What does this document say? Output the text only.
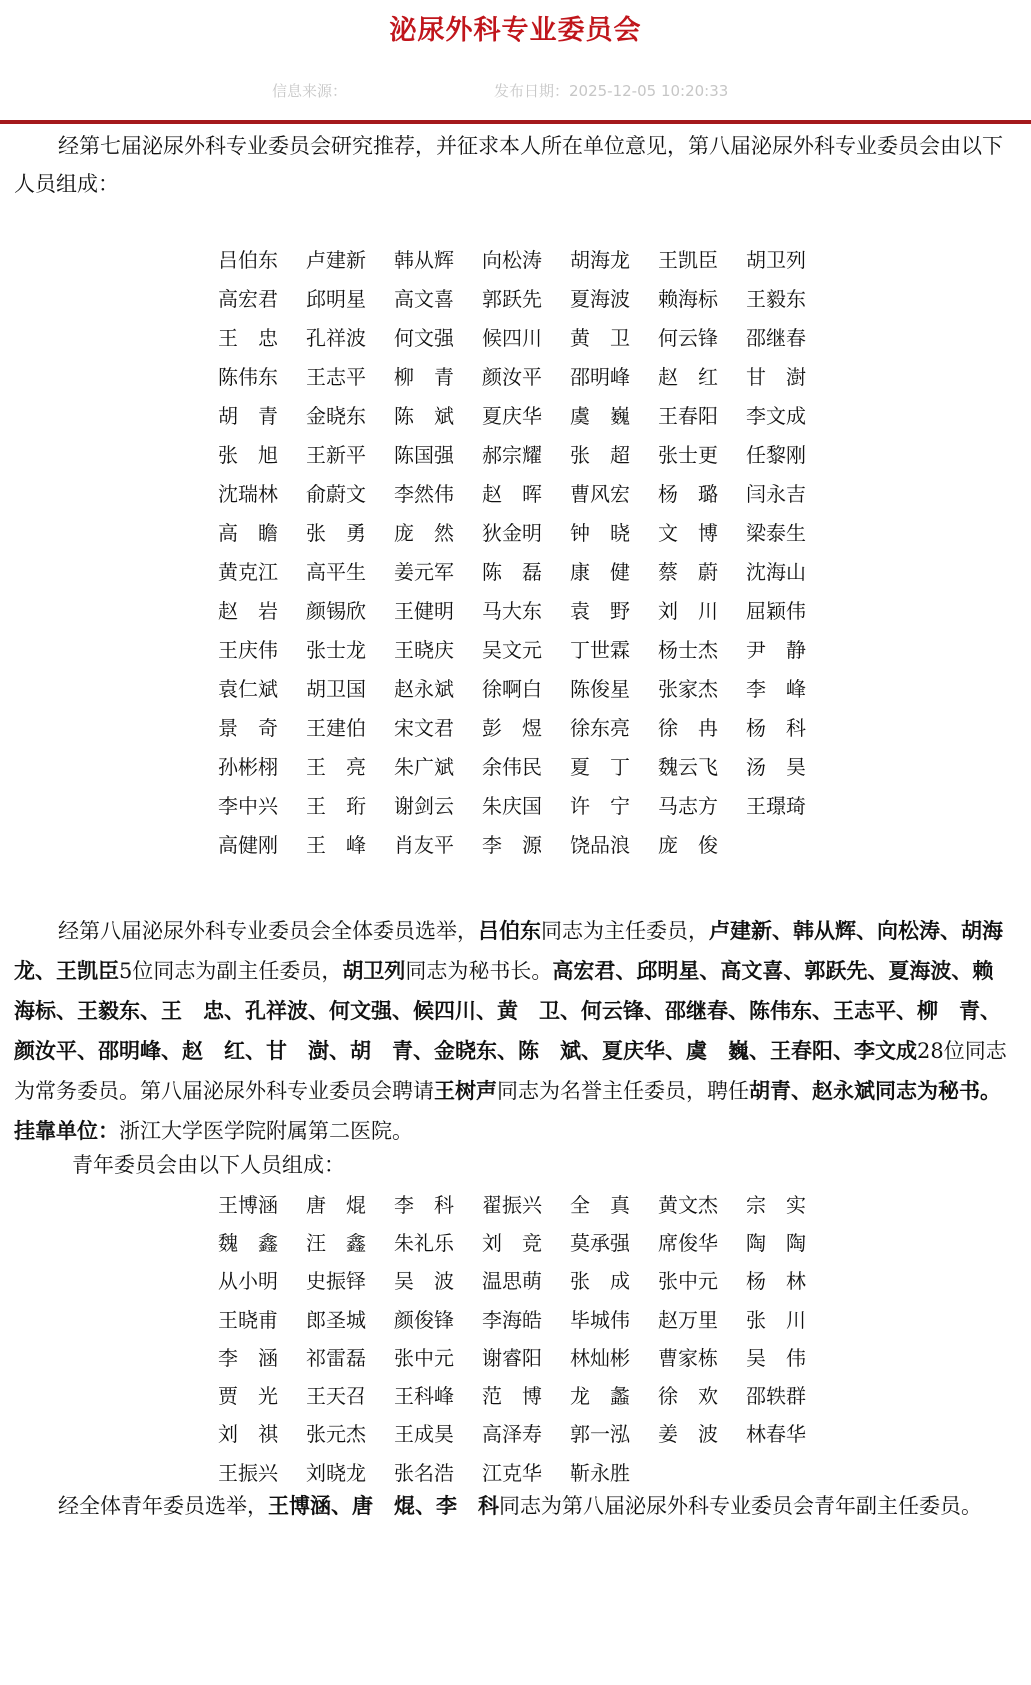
泌尿外科专业委员会
信息来源：	发布日期：2025-12-05 10:20:33

经第七届泌尿外科专业委员会研究推荐，并征求本人所在单位意见，第八届泌尿外科专业委员会由以下人员组成：

吕伯东	卢建新	韩从辉	向松涛	胡海龙	王凯臣	胡卫列
高宏君	邱明星	高文喜	郭跃先	夏海波	赖海标	王毅东
王　忠	孔祥波	何文强	候四川	黄　卫	何云锋	邵继春
陈伟东	王志平	柳　青	颜汝平	邵明峰	赵　红	甘　澍
胡　青	金晓东	陈　斌	夏庆华	虞　巍	王春阳	李文成
张　旭	王新平	陈国强	郝宗耀	张　超	张士更	任黎刚
沈瑞林	俞蔚文	李然伟	赵　晖	曹风宏	杨　璐	闫永吉
高　瞻	张　勇	庞　然	狄金明	钟　晓	文　博	梁泰生
黄克江	高平生	姜元军	陈　磊	康　健	蔡　蔚	沈海山
赵　岩	颜锡欣	王健明	马大东	袁　野	刘　川	屈颖伟
王庆伟	张士龙	王晓庆	吴文元	丁世霖	杨士杰	尹　静
袁仁斌	胡卫国	赵永斌	徐啊白	陈俊星	张家杰	李　峰
景　奇	王建伯	宋文君	彭　煜	徐东亮	徐　冉	杨　科
孙彬栩	王　亮	朱广斌	余伟民	夏　丁	魏云飞	汤　昊
李中兴	王　珩	谢剑云	朱庆国	许　宁	马志方	王璟琦
高健刚	王　峰	肖友平	李　源	饶品浪	庞　俊

经第八届泌尿外科专业委员会全体委员选举，吕伯东同志为主任委员，卢建新、韩从辉、向松涛、胡海龙、王凯臣5位同志为副主任委员，胡卫列同志为秘书长。高宏君、邱明星、高文喜、郭跃先、夏海波、赖海标、王毅东、王　忠、孔祥波、何文强、候四川、黄　卫、何云锋、邵继春、陈伟东、王志平、柳　青、颜汝平、邵明峰、赵　红、甘　澍、胡　青、金晓东、陈　斌、夏庆华、虞　巍、王春阳、李文成28位同志为常务委员。第八届泌尿外科专业委员会聘请王树声同志为名誉主任委员，聘任胡青、赵永斌同志为秘书。挂靠单位：浙江大学医学院附属第二医院。

青年委员会由以下人员组成：

王博涵	唐　焜	李　科	翟振兴	全　真	黄文杰	宗　实
魏　鑫	汪　鑫	朱礼乐	刘　竞	莫承强	席俊华	陶　陶
从小明	史振铎	吴　波	温思萌	张　成	张中元	杨　林
王晓甫	郎圣城	颜俊锋	李海皓	毕城伟	赵万里	张　川
李　涵	祁雷磊	张中元	谢睿阳	林灿彬	曹家栋	吴　伟
贾　光	王天召	王科峰	范　博	龙　蠡	徐　欢	邵轶群
刘　祺	张元杰	王成昊	高泽寿	郭一泓	姜　波	林春华
王振兴	刘晓龙	张名浩	江克华	靳永胜

经全体青年委员选举，王博涵、唐　焜、李　科同志为第八届泌尿外科专业委员会青年副主任委员。
